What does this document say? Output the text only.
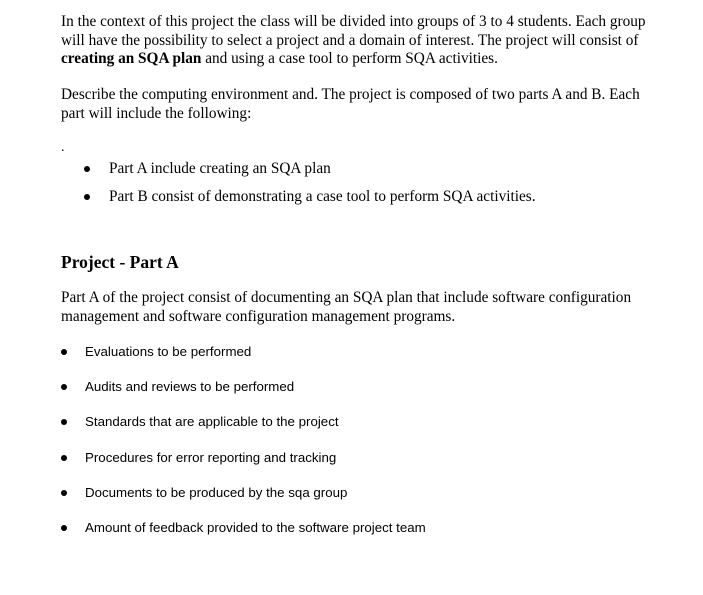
In the context of this project the class will be divided into groups of 3 to 4 students. Each group will have the possibility to select a project and a domain of interest. The project will consist of creating an SQA plan and using a case tool to perform SQA activities.

Describe the computing environment and. The project is composed of two parts A and B. Each part will include the following:

.
Part A include creating an SQA plan
Part B consist of demonstrating a case tool to perform SQA activities.
Project - Part A

Part A of the project consist of documenting an SQA plan that include software configuration management and software configuration management programs.

Evaluations to be performed
Audits and reviews to be performed
Standards that are applicable to the project
Procedures for error reporting and tracking
Documents to be produced by the sqa group
Amount of feedback provided to the software project team
